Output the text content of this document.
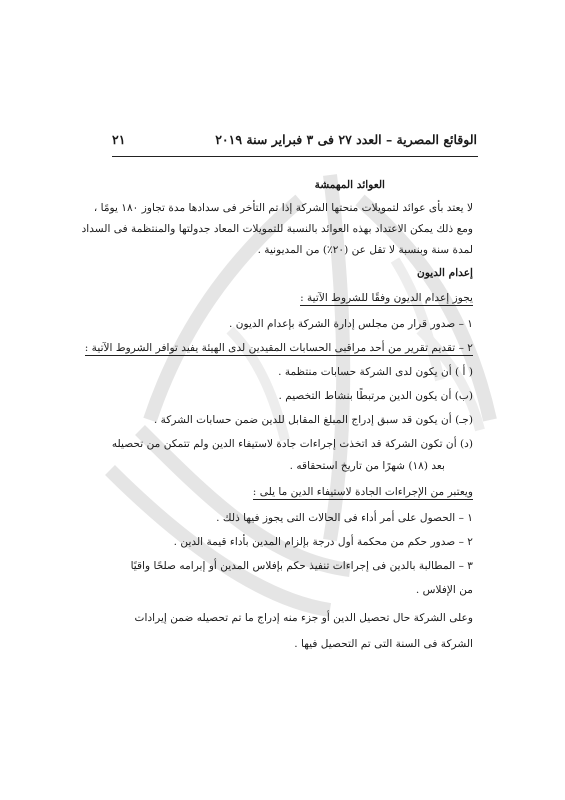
الوقائع المصرية – العدد ٢٧ فى ٣ فبراير سنة ٢٠١٩
٢١
العوائد المهمشة
لا يعتد بأى عوائد لتمويلات منحتها الشركة إذا تم التأخر فى سدادها مدة تجاوز ١٨٠ يومًا ،
ومع ذلك يمكن الاعتداد بهذه العوائد بالنسبة للتمويلات المعاد جدولتها والمنتظمة فى السداد
لمدة سنة وبنسبة لا تقل عن (٢٠٪) من المديونية .
إعدام الديون
يجوز إعدام الديون وفقًا للشروط الآتية :
١ – صدور قرار من مجلس إدارة الشركة بإعدام الديون .
٢ – تقديم تقرير من أحد مراقبى الحسابات المقيدين لدى الهيئة يفيد توافر الشروط الآتية :
( أ ) أن يكون لدى الشركة حسابات منتظمة .
(ب) أن يكون الدين مرتبطًا بنشاط التخصيم .
(جـ) أن يكون قد سبق إدراج المبلغ المقابل للدين ضمن حسابات الشركة .
(د) أن تكون الشركة قد اتخذت إجراءات جادة لاستيفاء الدين ولم تتمكن من تحصيله
بعد (١٨) شهرًا من تاريخ استحقاقه .
ويعتبر من الإجراءات الجادة لاستيفاء الدين ما يلى :
١ – الحصول على أمر أداء فى الحالات التى يجوز فيها ذلك .
٢ – صدور حكم من محكمة أول درجة بإلزام المدين بأداء قيمة الدين .
٣ – المطالبة بالدين فى إجراءات تنفيذ حكم بإفلاس المدين أو إبرامه صلحًا واقيًا
من الإفلاس .
وعلى الشركة حال تحصيل الدين أو جزء منه إدراج ما تم تحصيله ضمن إيرادات
الشركة فى السنة التى تم التحصيل فيها .
